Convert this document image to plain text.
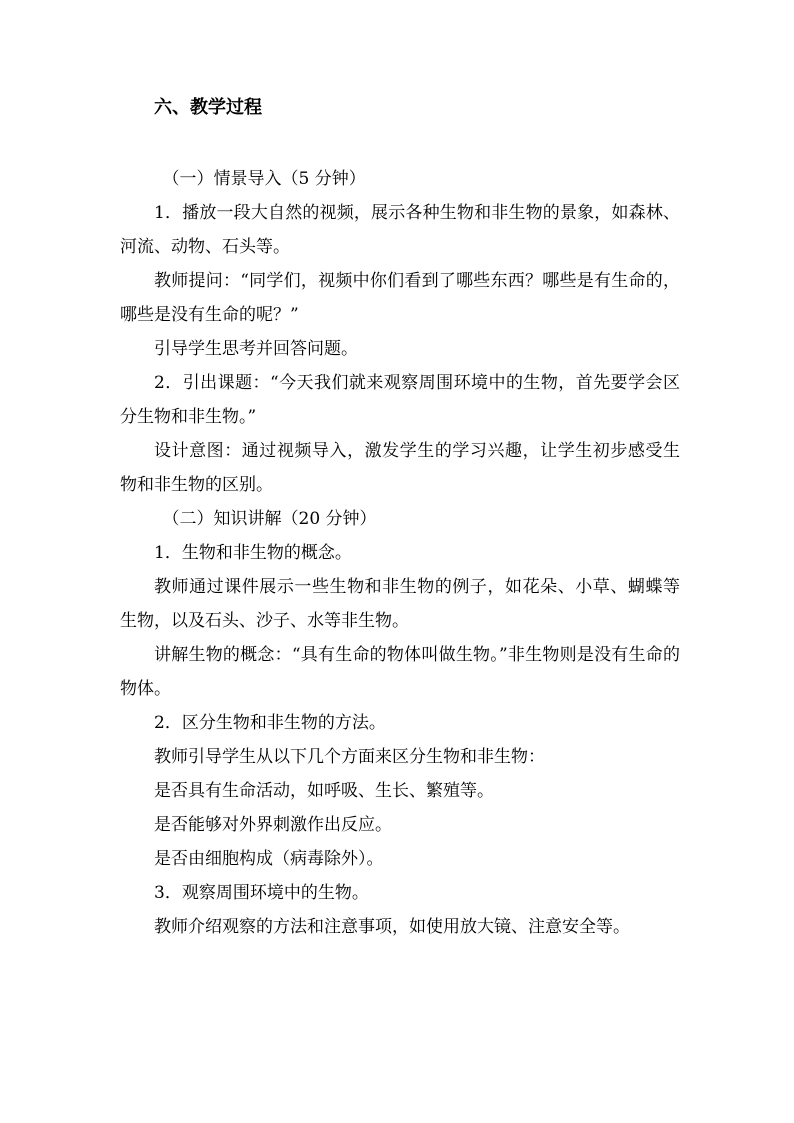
六、教学过程

（一）情景导入（5 分钟）

1．播放一段大自然的视频，展示各种生物和非生物的景象，如森林、河流、动物、石头等。

教师提问：“同学们，视频中你们看到了哪些东西？哪些是有生命的，哪些是没有生命的呢？”

引导学生思考并回答问题。

2．引出课题：“今天我们就来观察周围环境中的生物，首先要学会区分生物和非生物。”

设计意图：通过视频导入，激发学生的学习兴趣，让学生初步感受生物和非生物的区别。

（二）知识讲解（20 分钟）

1．生物和非生物的概念。

教师通过课件展示一些生物和非生物的例子，如花朵、小草、蝴蝶等生物，以及石头、沙子、水等非生物。

讲解生物的概念：“具有生命的物体叫做生物。”非生物则是没有生命的物体。

2．区分生物和非生物的方法。

教师引导学生从以下几个方面来区分生物和非生物：

是否具有生命活动，如呼吸、生长、繁殖等。

是否能够对外界刺激作出反应。

是否由细胞构成（病毒除外）。

3．观察周围环境中的生物。

教师介绍观察的方法和注意事项，如使用放大镜、注意安全等。
